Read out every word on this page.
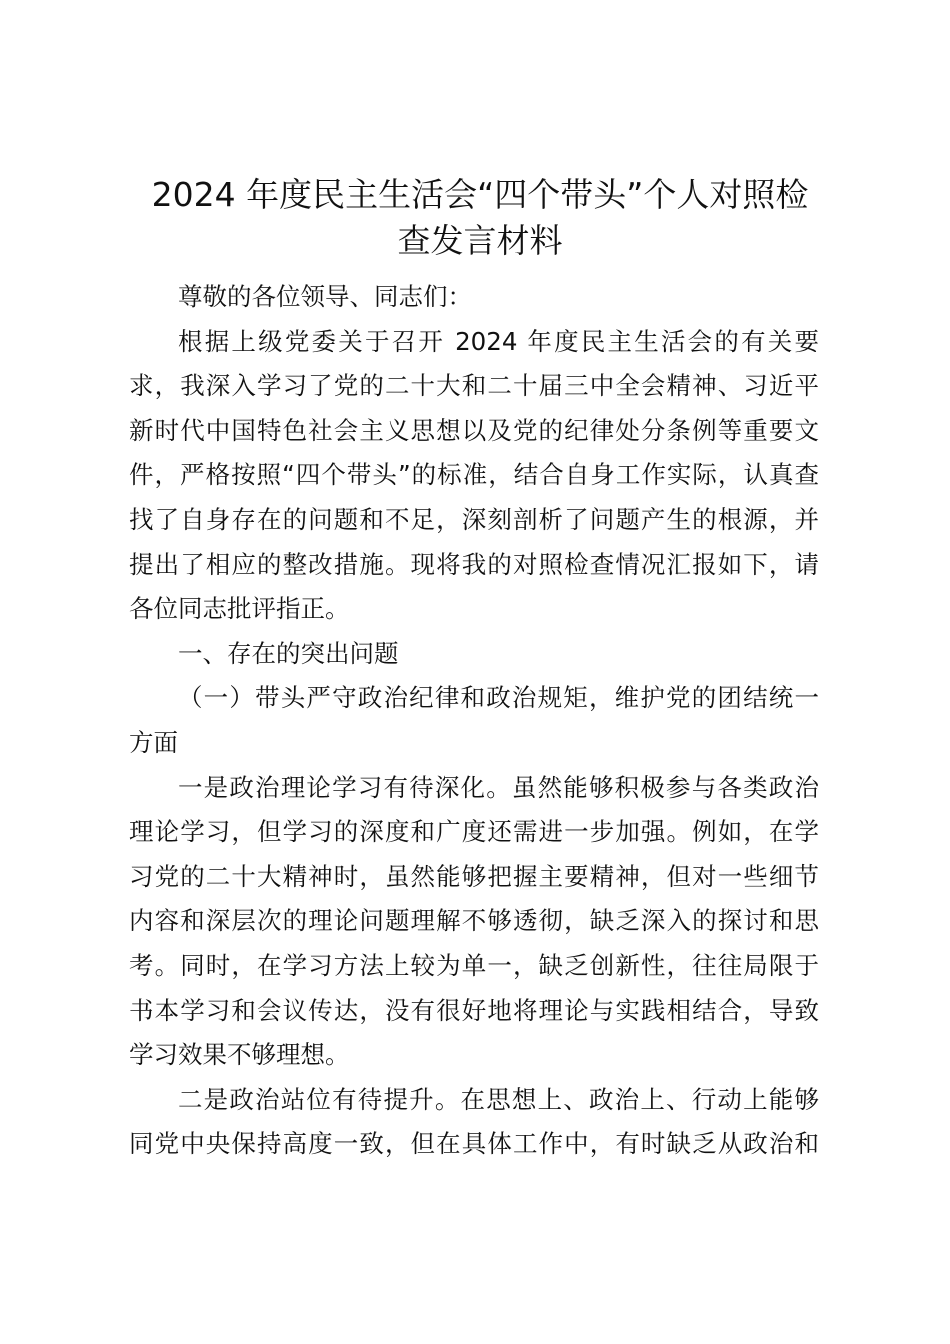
2024 年度民主生活会“四个带头”个人对照检
查发言材料
尊敬的各位领导、同志们：
根据上级党委关于召开 2024 年度民主生活会的有关要
求，我深入学习了党的二十大和二十届三中全会精神、习近平
新时代中国特色社会主义思想以及党的纪律处分条例等重要文
件，严格按照“四个带头”的标准，结合自身工作实际，认真查
找了自身存在的问题和不足，深刻剖析了问题产生的根源，并
提出了相应的整改措施。现将我的对照检查情况汇报如下，请
各位同志批评指正。
一、存在的突出问题
（一）带头严守政治纪律和政治规矩，维护党的团结统一
方面
一是政治理论学习有待深化。虽然能够积极参与各类政治
理论学习，但学习的深度和广度还需进一步加强。例如，在学
习党的二十大精神时，虽然能够把握主要精神，但对一些细节
内容和深层次的理论问题理解不够透彻，缺乏深入的探讨和思
考。同时，在学习方法上较为单一，缺乏创新性，往往局限于
书本学习和会议传达，没有很好地将理论与实践相结合，导致
学习效果不够理想。
二是政治站位有待提升。在思想上、政治上、行动上能够
同党中央保持高度一致，但在具体工作中，有时缺乏从政治和
